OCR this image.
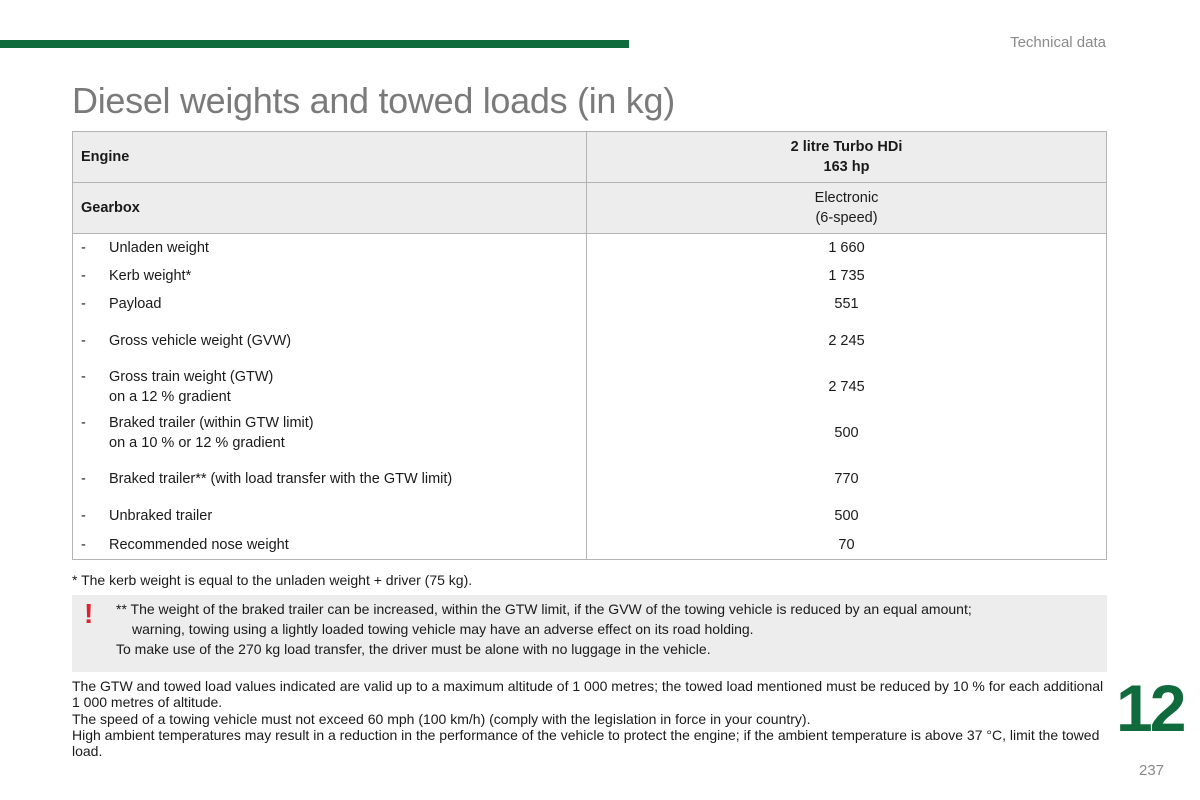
Technical data
Diesel weights and towed loads (in kg)
Engine	2 litre Turbo HDi
163 hp

Gearbox	Electronic
(6-speed)

- Unladen weight	1 660

- Kerb weight*	1 735

- Payload	551

- Gross vehicle weight (GVW)	2 245

- Gross train weight (GTW)
on a 12 % gradient	2 745

- Braked trailer (within GTW limit)
on a 10 % or 12 % gradient	500

- Braked trailer** (with load transfer with the GTW limit)	770

- Unbraked trailer	500

- Recommended nose weight	70
* The kerb weight is equal to the unladen weight + driver (75 kg).
! ** The weight of the braked trailer can be increased, within the GTW limit, if the GVW of the towing vehicle is reduced by an equal amount;

warning, towing using a lightly loaded towing vehicle may have an adverse effect on its road holding.

To make use of the 270 kg load transfer, the driver must be alone with no luggage in the vehicle.

The GTW and towed load values indicated are valid up to a maximum altitude of 1 000 metres; the towed load mentioned must be reduced by 10 % for each additional 1 000 metres of altitude.

The speed of a towing vehicle must not exceed 60 mph (100 km/h) (comply with the legislation in force in your country).

High ambient temperatures may result in a reduction in the performance of the vehicle to protect the engine; if the ambient temperature is above 37 °C, limit the towed load.

12
237
